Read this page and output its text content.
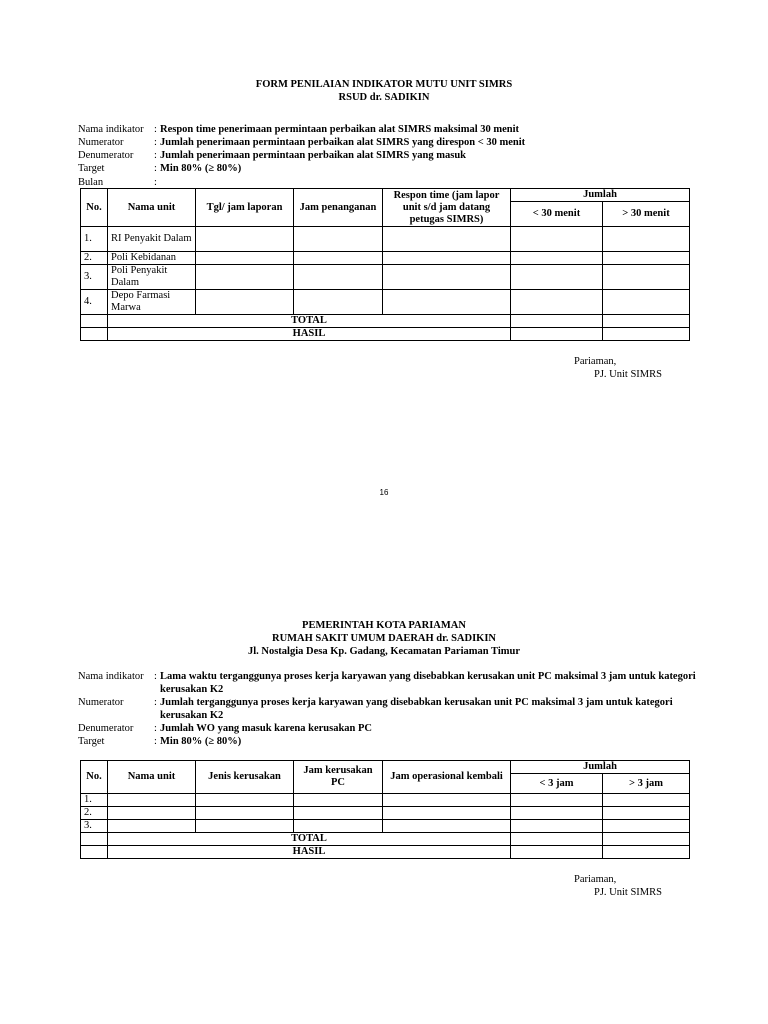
FORM PENILAIAN INDIKATOR MUTU UNIT SIMRS
RSUD dr. SADIKIN
Nama indikator : Respon time penerimaan permintaan perbaikan alat SIMRS maksimal 30 menit
Numerator	: Jumlah penerimaan permintaan perbaikan alat SIMRS yang direspon < 30 menit
Denumerator	: Jumlah penerimaan permintaan perbaikan alat SIMRS yang masuk
Target	: Min 80% (≥ 80%)
Bulan	:
No.	Nama unit	Tgl/ jam laporan	Jam penanganan	Respon time (jam lapor unit s/d jam datang petugas SIMRS)	Jumlah	
					< 30 menit	> 30 menit
1.	RI Penyakit Dalam					
2.	Poli Kebidanan					
3.	Poli Penyakit Dalam					
4.	Depo Farmasi Marwa					
	TOTAL					
	HASIL					
Pariaman,
PJ. Unit SIMRS
16
PEMERINTAH KOTA PARIAMAN
RUMAH SAKIT UMUM DAERAH dr. SADIKIN
Jl. Nostalgia Desa Kp. Gadang, Kecamatan Pariaman Timur
Nama indikator : Lama waktu terganggunya proses kerja karyawan yang disebabkan kerusakan unit PC maksimal 3 jam untuk kategori kerusakan K2
Numerator	: Jumlah terganggunya proses kerja karyawan yang disebabkan kerusakan unit PC maksimal 3 jam untuk kategori kerusakan K2
Denumerator	: Jumlah WO yang masuk karena kerusakan PC
Target	: Min 80% (≥ 80%)
No.	Nama unit	Jenis kerusakan	Jam kerusakan PC	Jam operasional kembali	Jumlah	
					< 3 jam	> 3 jam
1.						
2.						
3.						
	TOTAL					
	HASIL					
Pariaman,
PJ. Unit SIMRS
